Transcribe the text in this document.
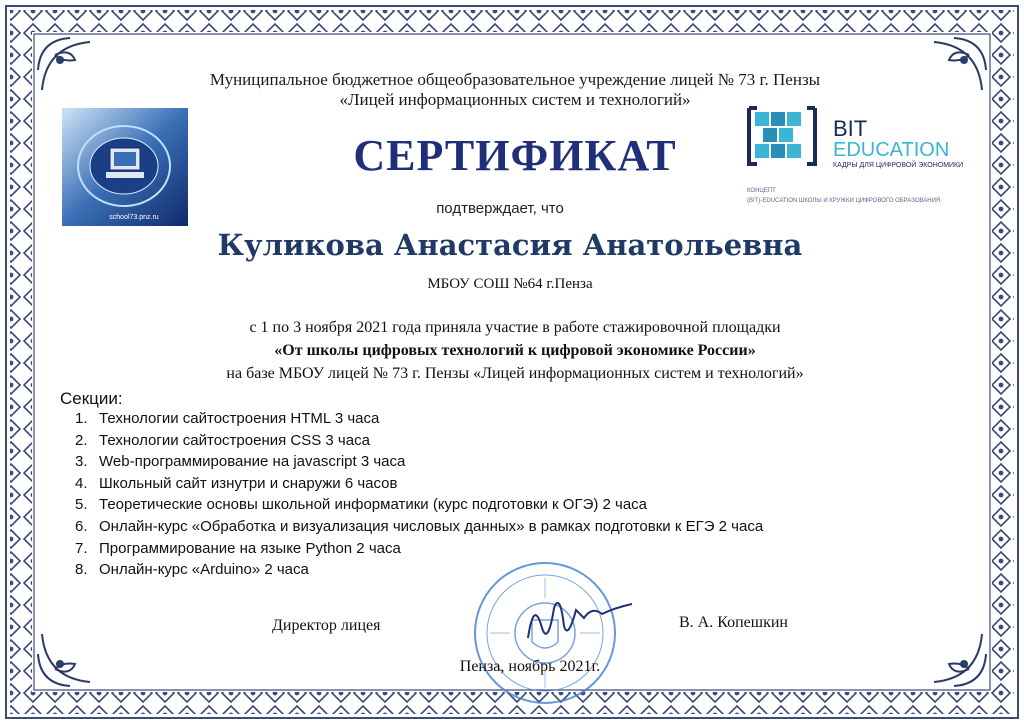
school73.pnz.ru
BIT
EDUCATION
КАДРЫ ДЛЯ ЦИФРОВОЙ ЭКОНОМИКИ
КОНЦЕПТ
(BIT)-EDUCATION ШКОЛЫ И КРУЖКИ ЦИФРОВОГО ОБРАЗОВАНИЯ
Муниципальное бюджетное общеобразовательное учреждение лицей № 73 г. Пензы
«Лицей информационных систем и технологий»
СЕРТИФИКАТ
подтверждает, что
Куликова Анастасия Анатольевна
МБОУ СОШ №64 г.Пенза
с 1 по 3 ноября 2021 года приняла участие в работе стажировочной площадки
«От школы цифровых технологий к цифровой экономике России»
на базе МБОУ лицей № 73 г. Пензы «Лицей информационных систем и технологий»
Секции:
1. Технологии сайтостроения HTML 3 часа
2. Технологии сайтостроения CSS 3 часа
3. Web-программирование на javascript 3 часа
4. Школьный сайт изнутри и снаружи 6 часов
5. Теоретические основы школьной информатики (курс подготовки к ОГЭ) 2 часа
6. Онлайн-курс «Обработка и визуализация числовых данных» в рамках подготовки к ЕГЭ 2 часа
7. Программирование на языке Python 2 часа
8. Онлайн-курс «Arduino» 2 часа
Директор лицея	В. А. Копешкин
Пенза, ноябрь 2021г.
